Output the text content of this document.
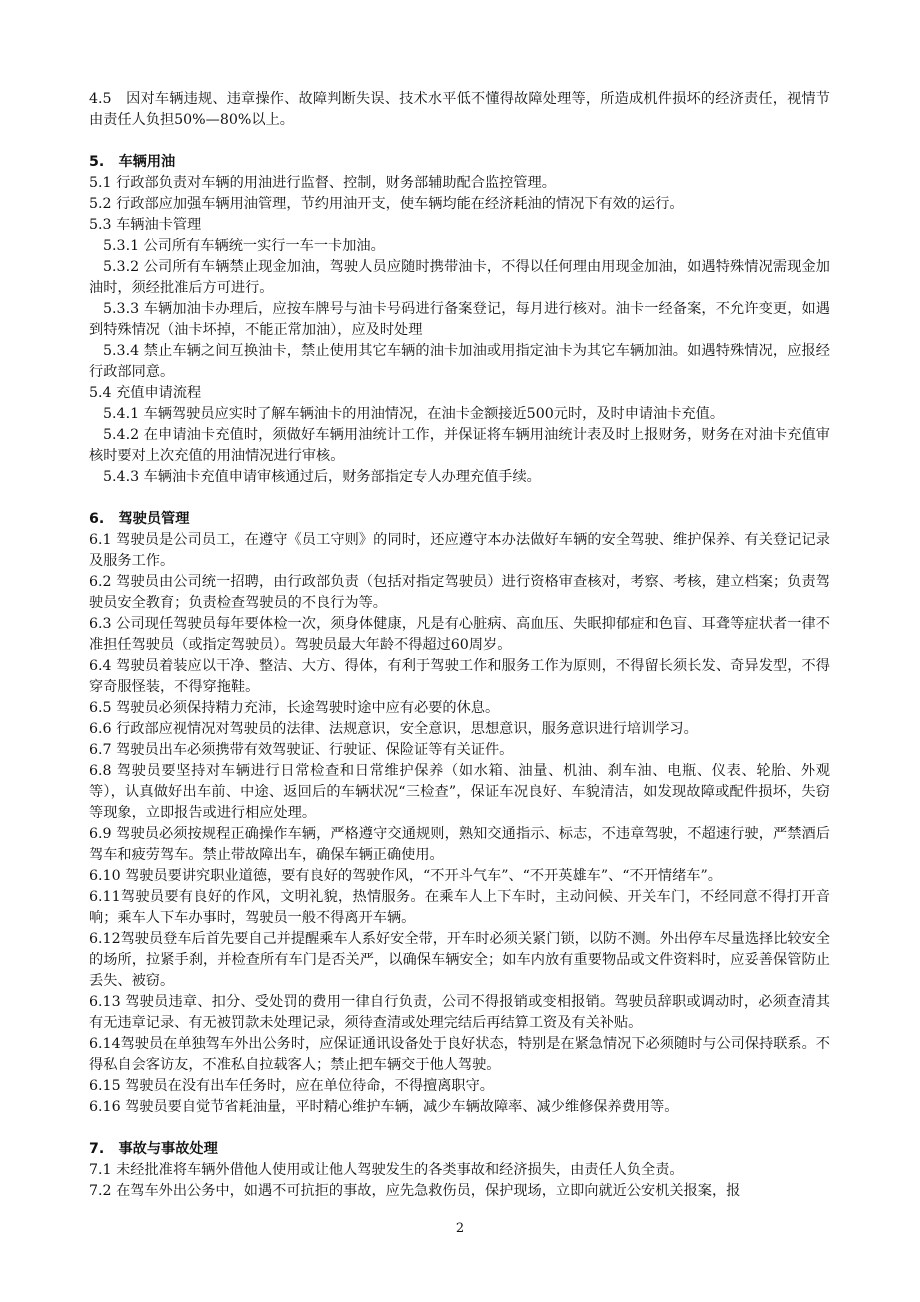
4.5　因对车辆违规、违章操作、故障判断失误、技术水平低不懂得故障处理等，所造成机件损坏的经济责任，视情节由责任人负担50%—80%以上。

5.　车辆用油

5.1 行政部负责对车辆的用油进行监督、控制，财务部辅助配合监控管理。

5.2 行政部应加强车辆用油管理，节约用油开支，使车辆均能在经济耗油的情况下有效的运行。

5.3 车辆油卡管理

5.3.1 公司所有车辆统一实行一车一卡加油。

5.3.2 公司所有车辆禁止现金加油，驾驶人员应随时携带油卡，不得以任何理由用现金加油，如遇特殊情况需现金加油时，须经批准后方可进行。

5.3.3 车辆加油卡办理后，应按车牌号与油卡号码进行备案登记，每月进行核对。油卡一经备案，不允许变更，如遇到特殊情况（油卡坏掉，不能正常加油），应及时处理

5.3.4 禁止车辆之间互换油卡，禁止使用其它车辆的油卡加油或用指定油卡为其它车辆加油。如遇特殊情况，应报经行政部同意。

5.4 充值申请流程

5.4.1 车辆驾驶员应实时了解车辆油卡的用油情况，在油卡金额接近500元时，及时申请油卡充值。

5.4.2 在申请油卡充值时，须做好车辆用油统计工作，并保证将车辆用油统计表及时上报财务，财务在对油卡充值审核时要对上次充值的用油情况进行审核。

5.4.3 车辆油卡充值申请审核通过后，财务部指定专人办理充值手续。

6.　驾驶员管理

6.1 驾驶员是公司员工，在遵守《员工守则》的同时，还应遵守本办法做好车辆的安全驾驶、维护保养、有关登记记录及服务工作。

6.2 驾驶员由公司统一招聘，由行政部负责（包括对指定驾驶员）进行资格审查核对，考察、考核，建立档案；负责驾驶员安全教育；负责检查驾驶员的不良行为等。

6.3 公司现任驾驶员每年要体检一次，须身体健康，凡是有心脏病、高血压、失眠抑郁症和色盲、耳聋等症状者一律不准担任驾驶员（或指定驾驶员）。驾驶员最大年龄不得超过60周岁。

6.4 驾驶员着装应以干净、整洁、大方、得体，有利于驾驶工作和服务工作为原则，不得留长须长发、奇异发型，不得穿奇服怪装，不得穿拖鞋。

6.5 驾驶员必须保持精力充沛，长途驾驶时途中应有必要的休息。

6.6 行政部应视情况对驾驶员的法律、法规意识，安全意识，思想意识，服务意识进行培训学习。

6.7 驾驶员出车必须携带有效驾驶证、行驶证、保险证等有关证件。

6.8 驾驶员要坚持对车辆进行日常检查和日常维护保养（如水箱、油量、机油、刹车油、电瓶、仪表、轮胎、外观等），认真做好出车前、中途、返回后的车辆状况“三检查”，保证车况良好、车貌清洁，如发现故障或配件损坏，失窃等现象，立即报告或进行相应处理。

6.9 驾驶员必须按规程正确操作车辆，严格遵守交通规则，熟知交通指示、标志，不违章驾驶，不超速行驶，严禁酒后驾车和疲劳驾车。禁止带故障出车，确保车辆正确使用。

6.10 驾驶员要讲究职业道德，要有良好的驾驶作风，“不开斗气车”、“不开英雄车”、“不开情绪车”。

6.11驾驶员要有良好的作风，文明礼貌，热情服务。在乘车人上下车时，主动问候、开关车门，不经同意不得打开音响；乘车人下车办事时，驾驶员一般不得离开车辆。

6.12驾驶员登车后首先要自己并提醒乘车人系好安全带，开车时必须关紧门锁，以防不测。外出停车尽量选择比较安全的场所，拉紧手刹，并检查所有车门是否关严，以确保车辆安全；如车内放有重要物品或文件资料时，应妥善保管防止丢失、被窃。

6.13 驾驶员违章、扣分、受处罚的费用一律自行负责，公司不得报销或变相报销。驾驶员辞职或调动时，必须查清其有无违章记录、有无被罚款未处理记录，须待查清或处理完结后再结算工资及有关补贴。

6.14驾驶员在单独驾车外出公务时，应保证通讯设备处于良好状态，特别是在紧急情况下必须随时与公司保持联系。不得私自会客访友，不准私自拉载客人；禁止把车辆交于他人驾驶。

6.15 驾驶员在没有出车任务时，应在单位待命，不得擅离职守。

6.16 驾驶员要自觉节省耗油量，平时精心维护车辆，减少车辆故障率、减少维修保养费用等。

7.　事故与事故处理

7.1 未经批准将车辆外借他人使用或让他人驾驶发生的各类事故和经济损失，由责任人负全责。

7.2 在驾车外出公务中，如遇不可抗拒的事故，应先急救伤员，保护现场，立即向就近公安机关报案，报

2
